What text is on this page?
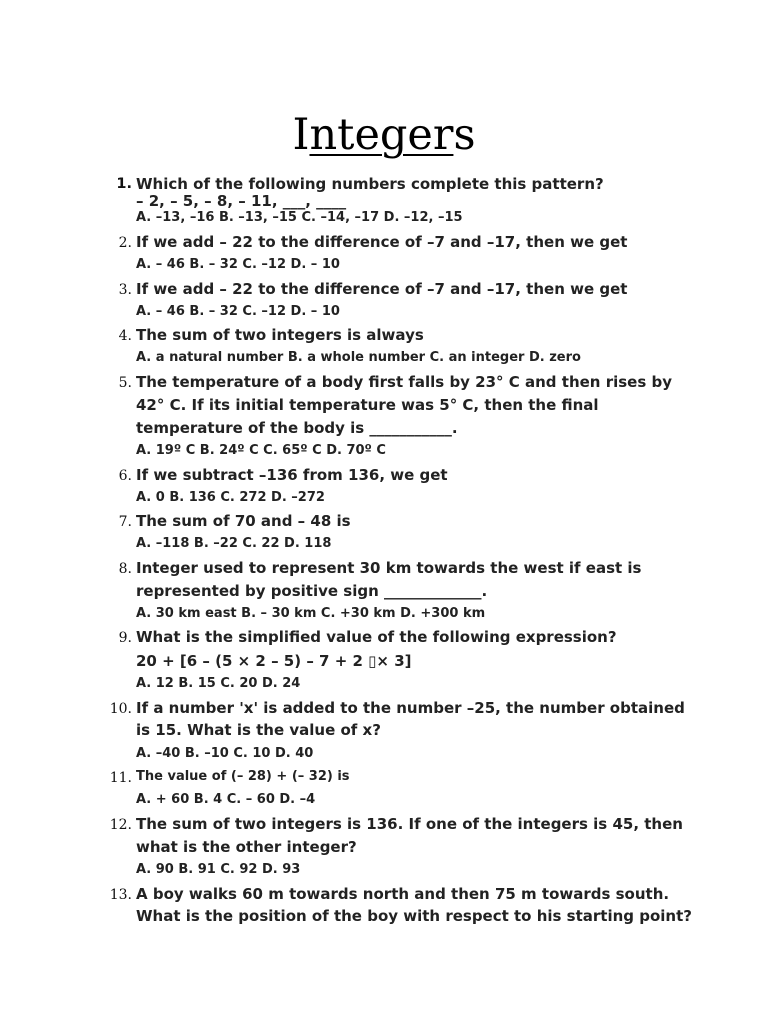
Integers
1. Which of the following numbers complete this pattern?
– 2, – 5, – 8, – 11, ___, ____
A. –13, –16 B. –13, –15 C. –14, –17 D. –12, –15
2. If we add – 22 to the difference of –7 and –17, then we get
A. – 46 B. – 32 C. –12 D. – 10
3. If we add – 22 to the difference of –7 and –17, then we get
A. – 46 B. – 32 C. –12 D. – 10
4. The sum of two integers is always
A. a natural number B. a whole number C. an integer D. zero
5. The temperature of a body first falls by 23° C and then rises by
42° C. If its initial temperature was 5° C, then the final
temperature of the body is ___________.
A. 19º C B. 24º C C. 65º C D. 70º C
6. If we subtract –136 from 136, we get
A. 0 B. 136 C. 272 D. –272
7. The sum of 70 and – 48 is
A. –118 B. –22 C. 22 D. 118
8. Integer used to represent 30 km towards the west if east is
represented by positive sign _____________.
A. 30 km east B. – 30 km C. +30 km D. +300 km
9. What is the simplified value of the following expression?
20 + [6 – (5 × 2 – 5) – 7 + 2 ▯× 3]
A. 12 B. 15 C. 20 D. 24
10. If a number 'x' is added to the number –25, the number obtained
is 15. What is the value of x?
A. –40 B. –10 C. 10 D. 40
11. The value of (– 28) + (– 32) is
A. + 60 B. 4 C. – 60 D. –4
12. The sum of two integers is 136. If one of the integers is 45, then
what is the other integer?
A. 90 B. 91 C. 92 D. 93
13. A boy walks 60 m towards north and then 75 m towards south.
What is the position of the boy with respect to his starting point?
